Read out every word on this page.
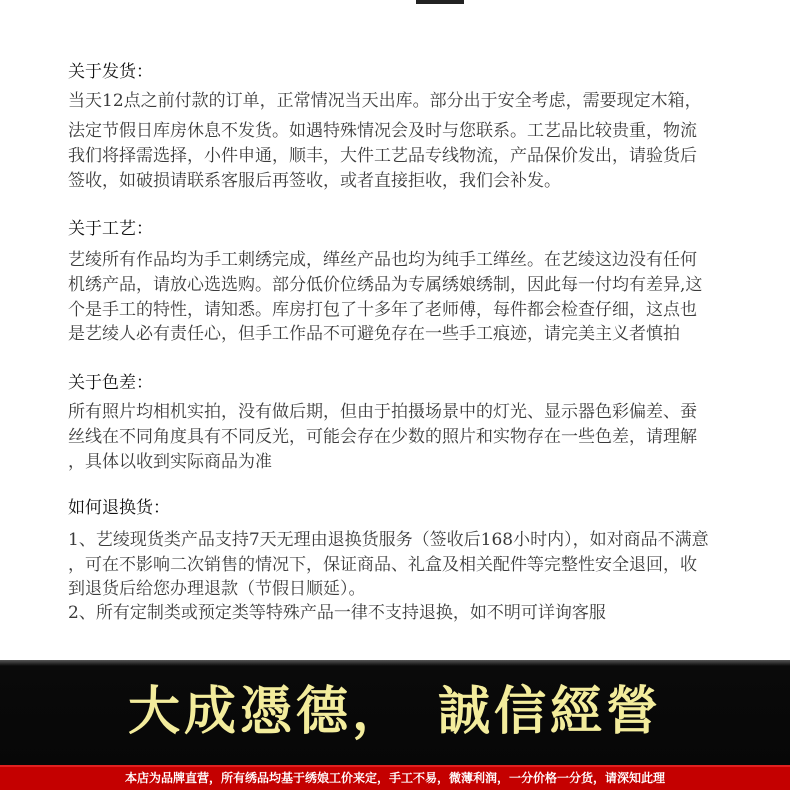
关于发货：
当天12点之前付款的订单，正常情况当天出库。部分出于安全考虑，需要现定木箱，
法定节假日库房休息不发货。如遇特殊情况会及时与您联系。工艺品比较贵重，物流
我们将择需选择，小件申通，顺丰，大件工艺品专线物流，产品保价发出，请验货后
签收，如破损请联系客服后再签收，或者直接拒收，我们会补发。
关于工艺：
艺绫所有作品均为手工刺绣完成，缂丝产品也均为纯手工缂丝。在艺绫这边没有任何
机绣产品，请放心选选购。部分低价位绣品为专属绣娘绣制，因此每一付均有差异,这
个是手工的特性，请知悉。库房打包了十多年了老师傅，每件都会检查仔细，这点也
是艺绫人必有责任心，但手工作品不可避免存在一些手工痕迹，请完美主义者慎拍
关于色差：
所有照片均相机实拍，没有做后期，但由于拍摄场景中的灯光、显示器色彩偏差、蚕
丝线在不同角度具有不同反光，可能会存在少数的照片和实物存在一些色差，请理解
，具体以收到实际商品为准
如何退换货：
1、艺绫现货类产品支持7天无理由退换货服务（签收后168小时内），如对商品不满意
，可在不影响二次销售的情况下，保证商品、礼盒及相关配件等完整性安全退回，收
到退货后给您办理退款（节假日顺延）。
2、所有定制类或预定类等特殊产品一律不支持退换，如不明可详询客服
大成憑德，　誠信經營
本店为品牌直营，所有绣品均基于绣娘工价来定，手工不易，微薄利润，一分价格一分货，请深知此理
